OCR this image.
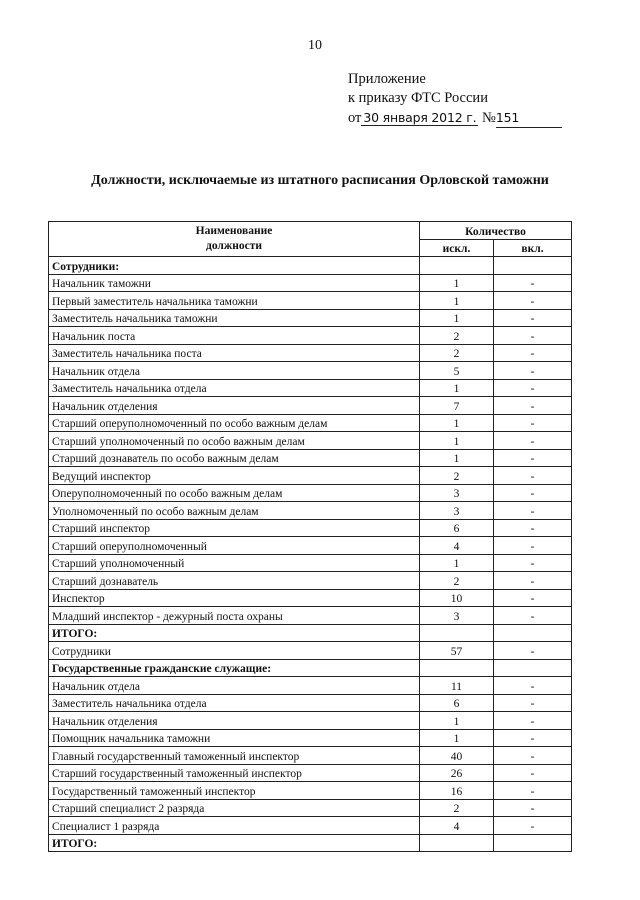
10
Приложение
к приказу ФТС России
от 30 января 2012 г. №151
Должности, исключаемые из штатного расписания Орловской таможни
Наименование
должности	Количество	
	искл.	вкл.
Сотрудники:		
Начальник таможни	1	-
Первый заместитель начальника таможни	1	-
Заместитель начальника таможни	1	-
Начальник поста	2	-
Заместитель начальника поста	2	-
Начальник отдела	5	-
Заместитель начальника отдела	1	-
Начальник отделения	7	-
Старший оперуполномоченный по особо важным делам	1	-
Старший уполномоченный по особо важным делам	1	-
Старший дознаватель по особо важным делам	1	-
Ведущий инспектор	2	-
Оперуполномоченный по особо важным делам	3	-
Уполномоченный по особо важным делам	3	-
Старший инспектор	6	-
Старший оперуполномоченный	4	-
Старший уполномоченный	1	-
Старший дознаватель	2	-
Инспектор	10	-
Младший инспектор - дежурный поста охраны	3	-
ИТОГО:		
Сотрудники	57	-
Государственные гражданские служащие:		
Начальник отдела	11	-
Заместитель начальника отдела	6	-
Начальник отделения	1	-
Помощник начальника таможни	1	-
Главный государственный таможенный инспектор	40	-
Старший государственный таможенный инспектор	26	-
Государственный таможенный инспектор	16	-
Старший специалист 2 разряда	2	-
Специалист 1 разряда	4	-
ИТОГО:		
